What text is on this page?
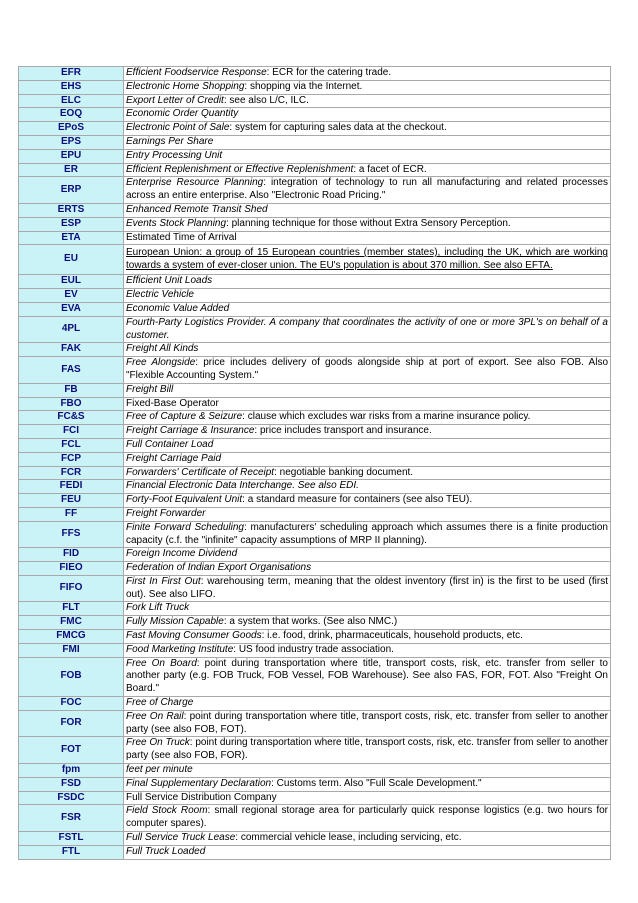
EFR	Efficient Foodservice Response: ECR for the catering trade.
EHS	Electronic Home Shopping: shopping via the Internet.
ELC	Export Letter of Credit: see also L/C, ILC.
EOQ	Economic Order Quantity
EPoS	Electronic Point of Sale: system for capturing sales data at the checkout.
EPS	Earnings Per Share
EPU	Entry Processing Unit
ER	Efficient Replenishment or Effective Replenishment: a facet of ECR.
ERP	Enterprise Resource Planning: integration of technology to run all manufacturing and related processes across an entire enterprise. Also "Electronic Road Pricing."
ERTS	Enhanced Remote Transit Shed
ESP	Events Stock Planning: planning technique for those without Extra Sensory Perception.
ETA	Estimated Time of Arrival
EU	European Union: a group of 15 European countries (member states), including the UK, which are working towards a system of ever-closer union. The EU's population is about 370 million. See also EFTA.
EUL	Efficient Unit Loads
EV	Electric Vehicle
EVA	Economic Value Added
4PL	Fourth-Party Logistics Provider. A company that coordinates the activity of one or more 3PL's on behalf of a customer.
FAK	Freight All Kinds
FAS	Free Alongside: price includes delivery of goods alongside ship at port of export. See also FOB. Also "Flexible Accounting System."
FB	Freight Bill
FBO	Fixed-Base Operator
FC&S	Free of Capture & Seizure: clause which excludes war risks from a marine insurance policy.
FCI	Freight Carriage & Insurance: price includes transport and insurance.
FCL	Full Container Load
FCP	Freight Carriage Paid
FCR	Forwarders' Certificate of Receipt: negotiable banking document.
FEDI	Financial Electronic Data Interchange. See also EDI.
FEU	Forty-Foot Equivalent Unit: a standard measure for containers (see also TEU).
FF	Freight Forwarder
FFS	Finite Forward Scheduling: manufacturers' scheduling approach which assumes there is a finite production capacity (c.f. the "infinite" capacity assumptions of MRP II planning).
FID	Foreign Income Dividend
FIEO	Federation of Indian Export Organisations
FIFO	First In First Out: warehousing term, meaning that the oldest inventory (first in) is the first to be used (first out). See also LIFO.
FLT	Fork Lift Truck
FMC	Fully Mission Capable: a system that works. (See also NMC.)
FMCG	Fast Moving Consumer Goods: i.e. food, drink, pharmaceuticals, household products, etc.
FMI	Food Marketing Institute: US food industry trade association.
FOB	Free On Board: point during transportation where title, transport costs, risk, etc. transfer from seller to another party (e.g. FOB Truck, FOB Vessel, FOB Warehouse). See also FAS, FOR, FOT. Also "Freight On Board."
FOC	Free of Charge
FOR	Free On Rail: point during transportation where title, transport costs, risk, etc. transfer from seller to another party (see also FOB, FOT).
FOT	Free On Truck: point during transportation where title, transport costs, risk, etc. transfer from seller to another party (see also FOB, FOR).
fpm	feet per minute
FSD	Final Supplementary Declaration: Customs term. Also "Full Scale Development."
FSDC	Full Service Distribution Company
FSR	Field Stock Room: small regional storage area for particularly quick response logistics (e.g. two hours for computer spares).
FSTL	Full Service Truck Lease: commercial vehicle lease, including servicing, etc.
FTL	Full Truck Loaded
